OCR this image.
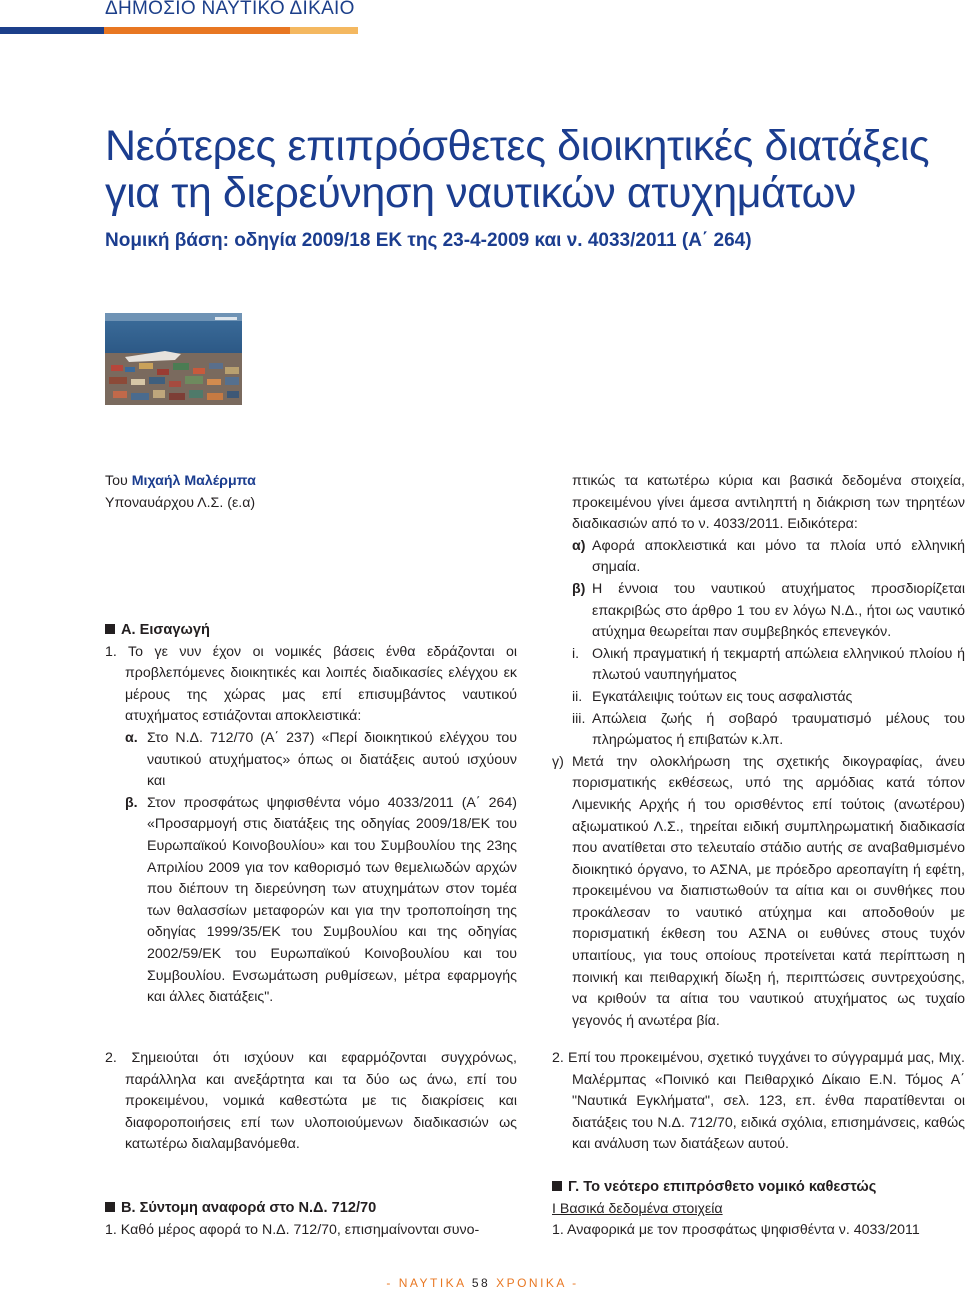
ΔΗΜΟΣΙΟ ΝΑΥΤΙΚΟ ΔΙΚΑΙΟ
Νεότερες επιπρόσθετες διοικητικές διατάξεις
για τη διερεύνηση ναυτικών ατυχημάτων
Νομική βάση: οδηγία 2009/18 ΕΚ της 23-4-2009 και ν. 4033/2011 (Α΄ 264)

Του Μιχαήλ Μαλέρμπα

Υποναυάρχου Λ.Σ. (ε.α)

Α. Εισαγωγή

1. Το γε νυν έχον οι νομικές βάσεις ένθα εδράζονται οι προβλεπόμενες διοικητικές και λοιπές διαδικασίες ελέγχου εκ μέρους της χώρας μας επί επισυμβάντος ναυτικού ατυχήματος εστιάζονται αποκλειστικά:

α. Στο Ν.Δ. 712/70 (Α΄ 237) «Περί διοικητικού ελέγχου του ναυτικού ατυχήματος» όπως οι διατάξεις αυτού ισχύουν και
β. Στον προσφάτως ψηφισθέντα νόμο 4033/2011 (Α΄ 264) «Προσαρμογή στις διατάξεις της οδηγίας 2009/18/ΕΚ του Ευρωπαϊκού Κοινοβουλίου» και του Συμβουλίου της 23ης Απριλίου 2009 για τον καθορισμό των θεμελιωδών αρχών που διέπουν τη διερεύνηση των ατυχημάτων στον τομέα των θαλασσίων μεταφορών και για την τροποποίηση της οδηγίας 1999/35/ΕΚ του Συμβουλίου και της οδηγίας 2002/59/ΕΚ του Ευρωπαϊκού Κοινοβουλίου και του Συμβουλίου. Ενσωμάτωση ρυθμίσεων, μέτρα εφαρμογής και άλλες διατάξεις".

2. Σημειούται ότι ισχύουν και εφαρμόζονται συγχρόνως, παράλληλα και ανεξάρτητα και τα δύο ως άνω, επί του προκειμένου, νομικά καθεστώτα με τις διακρίσεις και διαφοροποιήσεις επί των υλοποιούμενων διαδικασιών ως κατωτέρω διαλαμβανόμεθα.

Β. Σύντομη αναφορά στο Ν.Δ. 712/70

1. Καθό μέρος αφορά το Ν.Δ. 712/70, επισημαίνονται συνο-

πτικώς τα κατωτέρω κύρια και βασικά δεδομένα στοιχεία, προκειμένου γίνει άμεσα αντιληπτή η διάκριση των τηρητέων διαδικασιών από το ν. 4033/2011. Ειδικότερα:

α) Αφορά αποκλειστικά και μόνο τα πλοία υπό ελληνική σημαία.
β) Η έννοια του ναυτικού ατυχήματος προσδιορίζεται επακριβώς στο άρθρο 1 του εν λόγω Ν.Δ., ήτοι ως ναυτικό ατύχημα θεωρείται παν συμβεβηκός επενεγκόν.
i. Ολική πραγματική ή τεκμαρτή απώλεια ελληνικού πλοίου ή πλωτού ναυπηγήματος
ii. Εγκατάλειψις τούτων εις τους ασφαλιστάς
iii. Απώλεια ζωής ή σοβαρό τραυματισμό μέλους του πληρώματος ή επιβατών κ.λπ.
γ) Μετά την ολοκλήρωση της σχετικής δικογραφίας, άνευ πορισματικής εκθέσεως, υπό της αρμόδιας κατά τόπον Λιμενικής Αρχής ή του ορισθέντος επί τούτοις (ανωτέρου) αξιωματικού Λ.Σ., τηρείται ειδική συμπληρωματική διαδικασία που ανατίθεται στο τελευταίο στάδιο αυτής σε αναβαθμισμένο διοικητικό όργανο, το ΑΣΝΑ, με πρόεδρο αρεοπαγίτη ή εφέτη, προκειμένου να διαπιστωθούν τα αίτια και οι συνθήκες που προκάλεσαν το ναυτικό ατύχημα και αποδοθούν με πορισματική έκθεση του ΑΣΝΑ οι ευθύνες στους τυχόν υπαιτίους, για τους οποίους προτείνεται κατά περίπτωση η ποινική και πειθαρχική δίωξη ή, περιπτώσεις συντρεχούσης, να κριθούν τα αίτια του ναυτικού ατυχήματος ως τυχαίο γεγονός ή ανωτέρα βία.

2. Επί του προκειμένου, σχετικό τυγχάνει το σύγγραμμά μας, Μιχ. Μαλέρμπας «Ποινικό και Πειθαρχικό Δίκαιο Ε.Ν. Τόμος Α΄ "Ναυτικά Εγκλήματα", σελ. 123, επ. ένθα παρατίθενται οι διατάξεις του Ν.Δ. 712/70, ειδικά σχόλια, επισημάνσεις, καθώς και ανάλυση των διατάξεων αυτού.

Γ. Το νεότερο επιπρόσθετο νομικό καθεστώς

Ι Βασικά δεδομένα στοιχεία

1. Αναφορικά με τον προσφάτως ψηφισθέντα ν. 4033/2011

- ΝΑΥΤΙΚΑ 58 ΧΡΟΝΙΚΑ -
